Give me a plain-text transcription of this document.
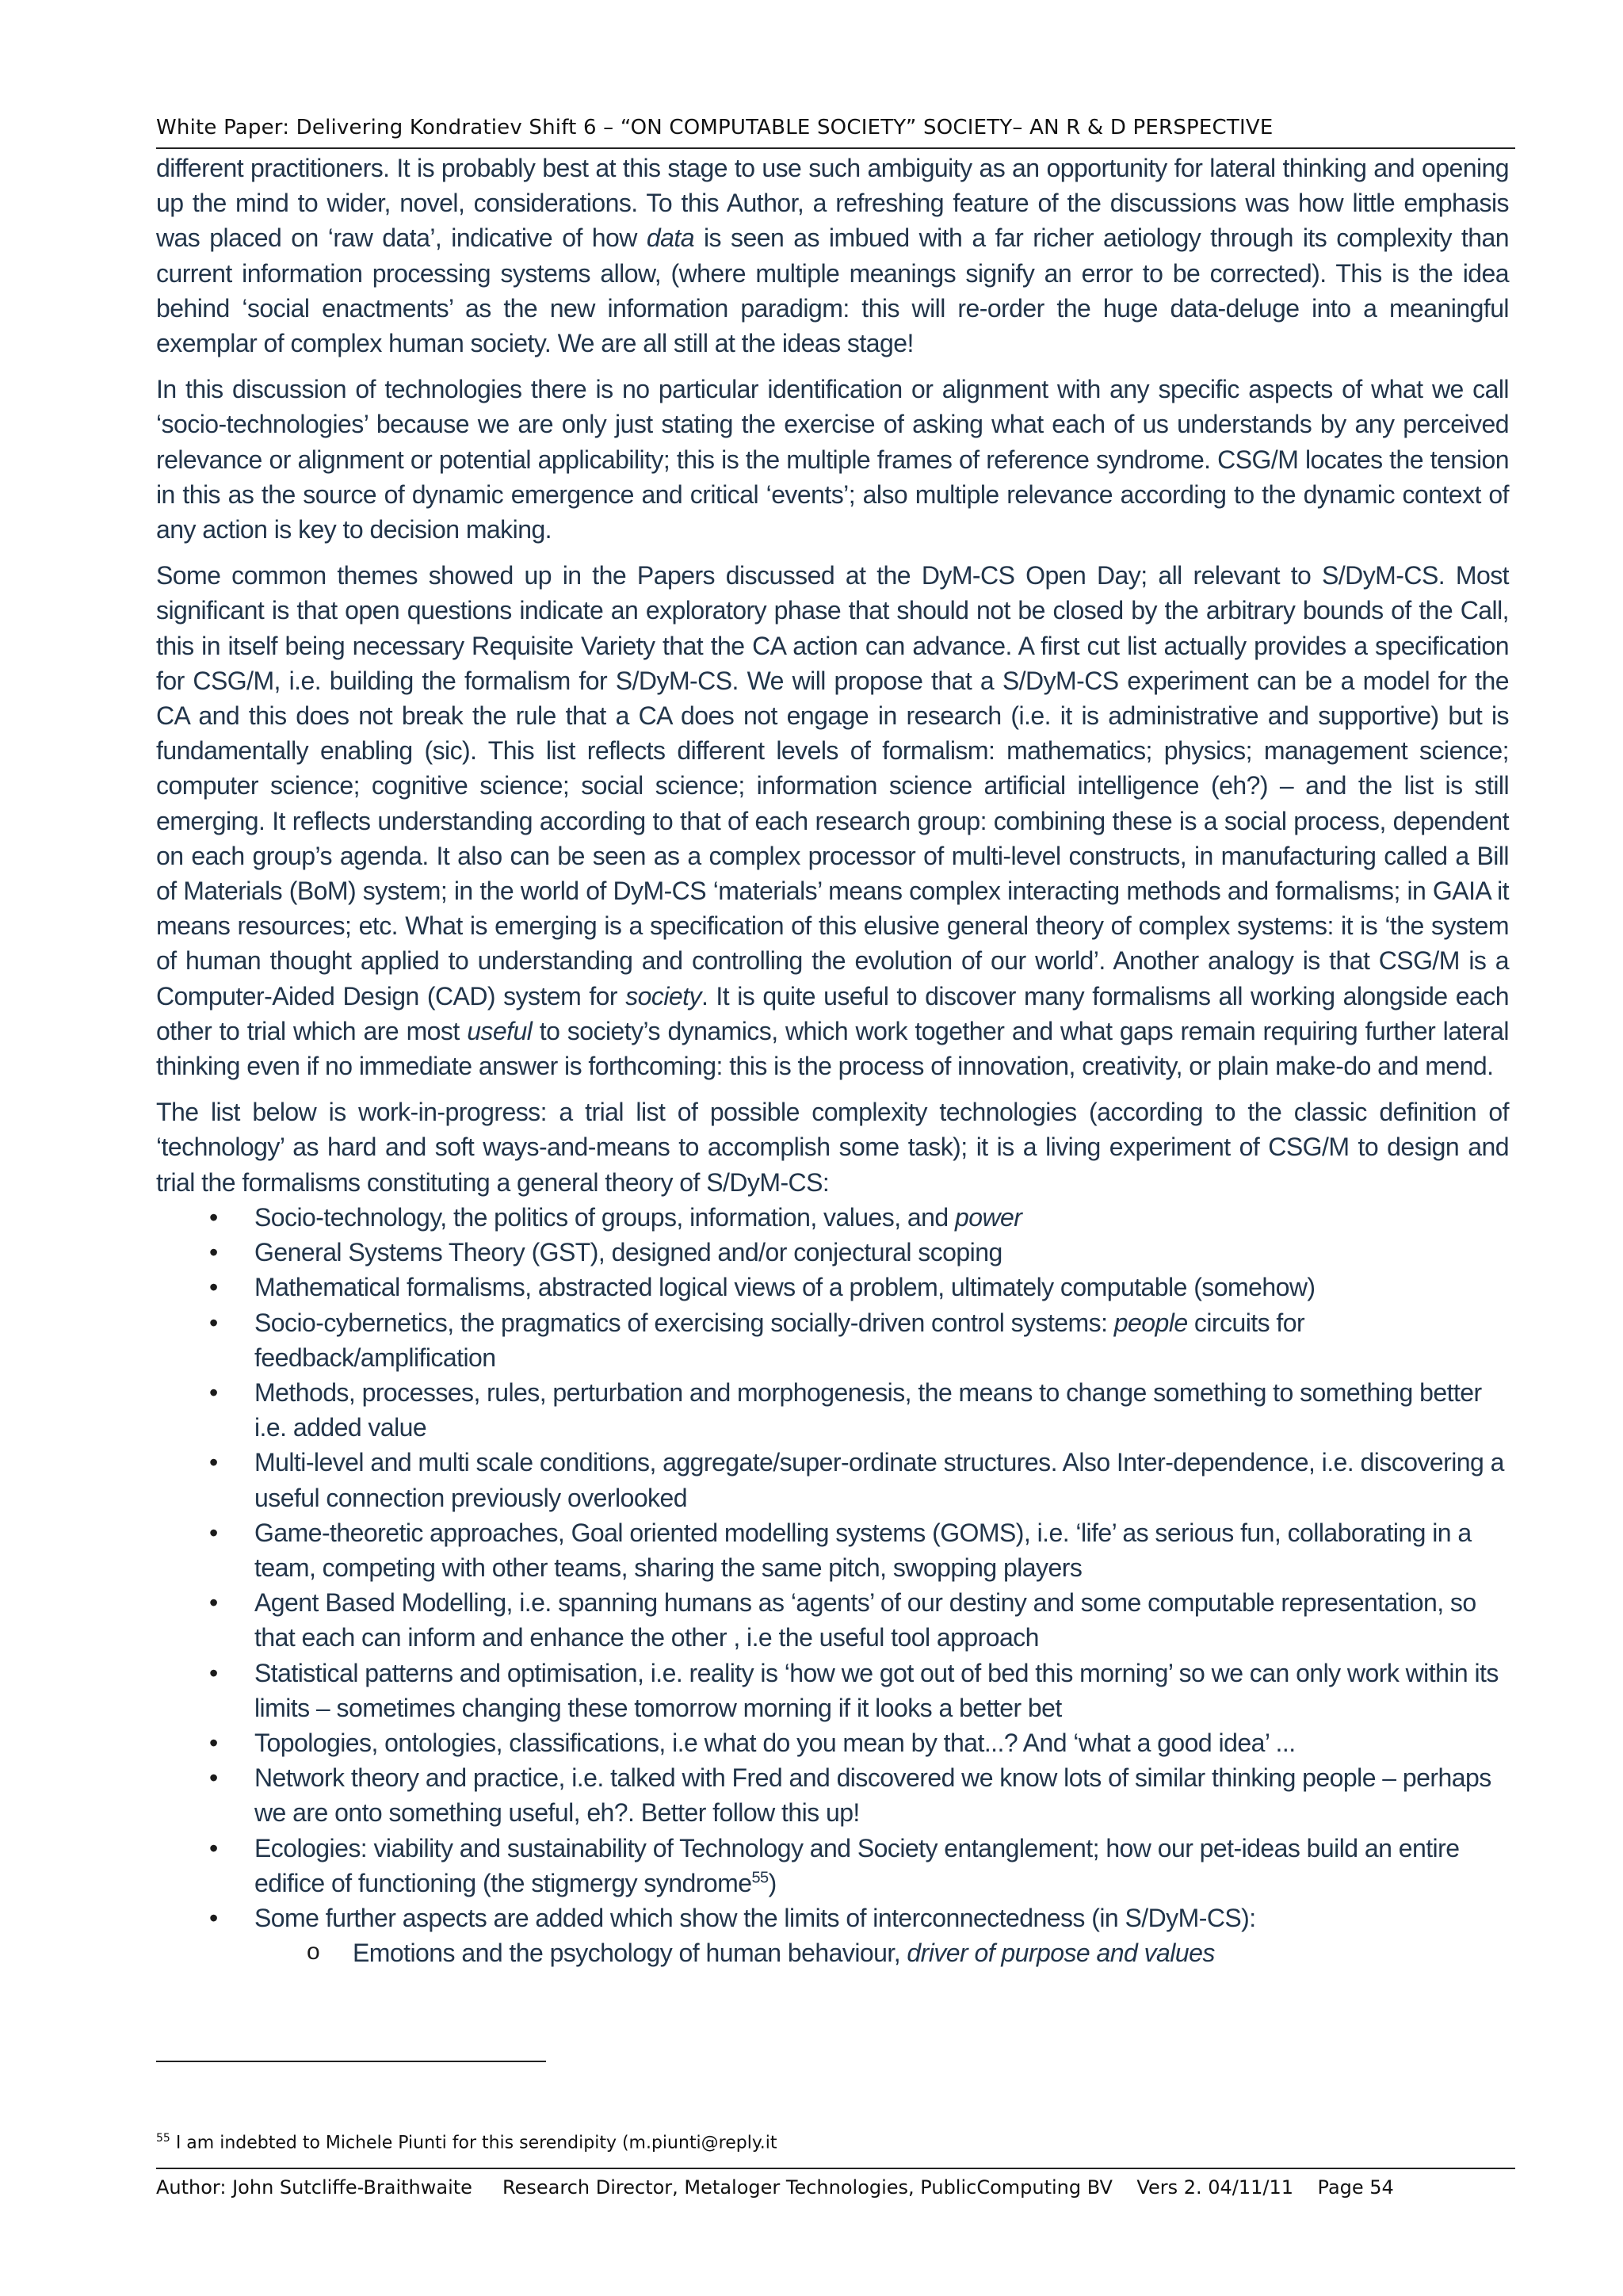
White Paper: Delivering Kondratiev Shift 6 – “ON COMPUTABLE SOCIETY” SOCIETY– AN R & D PERSPECTIVE

different practitioners. It is probably best at this stage to use such ambiguity as an opportunity for lateral thinking and opening up the mind to wider, novel, considerations. To this Author, a refreshing feature of the discussions was how little emphasis was placed on ‘raw data’, indicative of how data is seen as imbued with a far richer aetiology through its complexity than current information processing systems allow, (where multiple meanings signify an error to be corrected). This is the idea behind ‘social enactments’ as the new information paradigm: this will re-order the huge data-deluge into a meaningful exemplar of complex human society. We are all still at the ideas stage!

In this discussion of technologies there is no particular identification or alignment with any specific aspects of what we call ‘socio-technologies’ because we are only just stating the exercise of asking what each of us understands by any perceived relevance or alignment or potential applicability; this is the multiple frames of reference syndrome. CSG/M locates the tension in this as the source of dynamic emergence and critical ‘events’; also multiple relevance according to the dynamic context of any action is key to decision making.

Some common themes showed up in the Papers discussed at the DyM-CS Open Day; all relevant to S/DyM-CS. Most significant is that open questions indicate an exploratory phase that should not be closed by the arbitrary bounds of the Call, this in itself being necessary Requisite Variety that the CA action can advance. A first cut list actually provides a specification for CSG/M, i.e. building the formalism for S/DyM-CS. We will propose that a S/DyM-CS experiment can be a model for the CA and this does not break the rule that a CA does not engage in research (i.e. it is administrative and supportive) but is fundamentally enabling (sic). This list reflects different levels of formalism: mathematics; physics; management science; computer science; cognitive science; social science; information science artificial intelligence (eh?) – and the list is still emerging. It reflects understanding according to that of each research group: combining these is a social process, dependent on each group’s agenda. It also can be seen as a complex processor of multi-level constructs, in manufacturing called a Bill of Materials (BoM) system; in the world of DyM-CS ‘materials’ means complex interacting methods and formalisms; in GAIA it means resources; etc. What is emerging is a specification of this elusive general theory of complex systems: it is ‘the system of human thought applied to understanding and controlling the evolution of our world’. Another analogy is that CSG/M is a Computer-Aided Design (CAD) system for society. It is quite useful to discover many formalisms all working alongside each other to trial which are most useful to society’s dynamics, which work together and what gaps remain requiring further lateral thinking even if no immediate answer is forthcoming: this is the process of innovation, creativity, or plain make-do and mend.

The list below is work-in-progress: a trial list of possible complexity technologies (according to the classic definition of ‘technology’ as hard and soft ways-and-means to accomplish some task); it is a living experiment of CSG/M to design and trial the formalisms constituting a general theory of S/DyM-CS:

• Socio-technology, the politics of groups, information, values, and power
• General Systems Theory (GST), designed and/or conjectural scoping
• Mathematical formalisms, abstracted logical views of a problem, ultimately computable (somehow)
• Socio-cybernetics, the pragmatics of exercising socially-driven control systems: people circuits for feedback/amplification
• Methods, processes, rules, perturbation and morphogenesis, the means to change something to something better i.e. added value
• Multi-level and multi scale conditions, aggregate/super-ordinate structures. Also Inter-dependence, i.e. discovering a useful connection previously overlooked
• Game-theoretic approaches, Goal oriented modelling systems (GOMS), i.e. ‘life’ as serious fun, collaborating in a team, competing with other teams, sharing the same pitch, swopping players
• Agent Based Modelling, i.e. spanning humans as ‘agents’ of our destiny and some computable representation, so that each can inform and enhance the other , i.e the useful tool approach
• Statistical patterns and optimisation, i.e. reality is ‘how we got out of bed this morning’ so we can only work within its limits – sometimes changing these tomorrow morning if it looks a better bet
• Topologies, ontologies, classifications, i.e what do you mean by that...? And ‘what a good idea’ ...
• Network theory and practice, i.e. talked with Fred and discovered we know lots of similar thinking people – perhaps we are onto something useful, eh?. Better follow this up!
• Ecologies: viability and sustainability of Technology and Society entanglement; how our pet-ideas build an entire edifice of functioning (the stigmergy syndrome$^{55}$)
• Some further aspects are added which show the limits of interconnectedness (in S/DyM-CS):
o Emotions and the psychology of human behaviour, driver of purpose and values
$^{55}$ I am indebted to Michele Piunti for this serendipity (m.piunti@reply.it
Author: John Sutcliffe-Braithwaite     Research Director, Metaloger Technologies, PublicComputing BV    Vers 2. 04/11/11    Page 54
